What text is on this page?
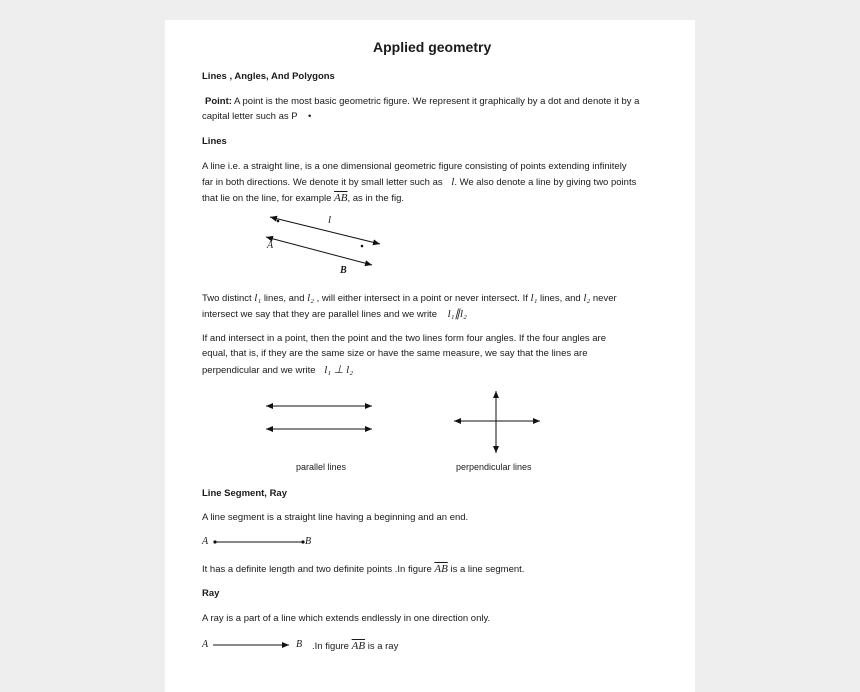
Applied geometry
Lines , Angles, And Polygons
Point: A point is the most basic geometric figure. We represent it graphically by a dot and denote it by a
capital letter such as P •
Lines
A line i.e. a straight line, is a one dimensional geometric figure consisting of points extending infinitely
far in both directions. We denote it by small letter such as l. We also denote a line by giving two points
that lie on the line, for example $\overline{AB}$, as in the fig.
l
A
B
Two distinct l₁ lines, and l₂ , will either intersect in a point or never intersect. If l₁ lines, and l₂ never
intersect we say that they are parallel lines and we write l₁∥l₂
If and intersect in a point, then the point and the two lines form four angles. If the four angles are
equal, that is, if they are the same size or have the same measure, we say that the lines are
perpendicular and we write l₁ ⊥ l₂
parallel lines	perpendicular lines
Line Segment, Ray
A line segment is a straight line having a beginning and an end.
A	B
It has a definite length and two definite points .In figure $\overline{AB}$ is a line segment.
Ray
A ray is a part of a line which extends endlessly in one direction only.
A	B .In figure $\overline{AB}$ is a ray
